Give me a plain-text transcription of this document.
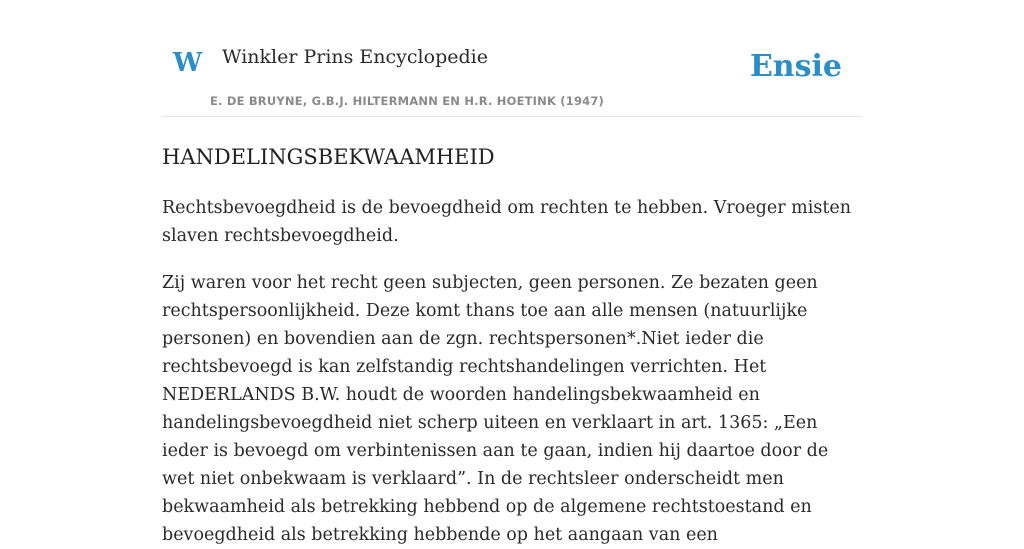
W Winkler Prins Encyclopedie
E. DE BRUYNE, G.B.J. HILTERMANN EN H.R. HOETINK (1947)
Ensie
HANDELINGSBEKWAAMHEID

Rechtsbevoegdheid is de bevoegdheid om rechten te hebben. Vroeger misten slaven rechtsbevoegdheid.

Zij waren voor het recht geen subjecten, geen personen. Ze bezaten geen rechtspersoonlijkheid. Deze komt thans toe aan alle mensen (natuurlijke personen) en bovendien aan de zgn. rechtspersonen*.Niet ieder die rechtsbevoegd is kan zelfstandig rechtshandelingen verrichten. Het NEDERLANDS B.W. houdt de woorden handelingsbekwaamheid en handelingsbevoegdheid niet scherp uiteen en verklaart in art. 1365: „Een ieder is bevoegd om verbintenissen aan te gaan, indien hij daartoe door de wet niet onbekwaam is verklaard”. In de rechtsleer onderscheidt men bekwaamheid als betrekking hebbend op de algemene rechtstoestand en bevoegdheid als betrekking hebbende op het aangaan van een
